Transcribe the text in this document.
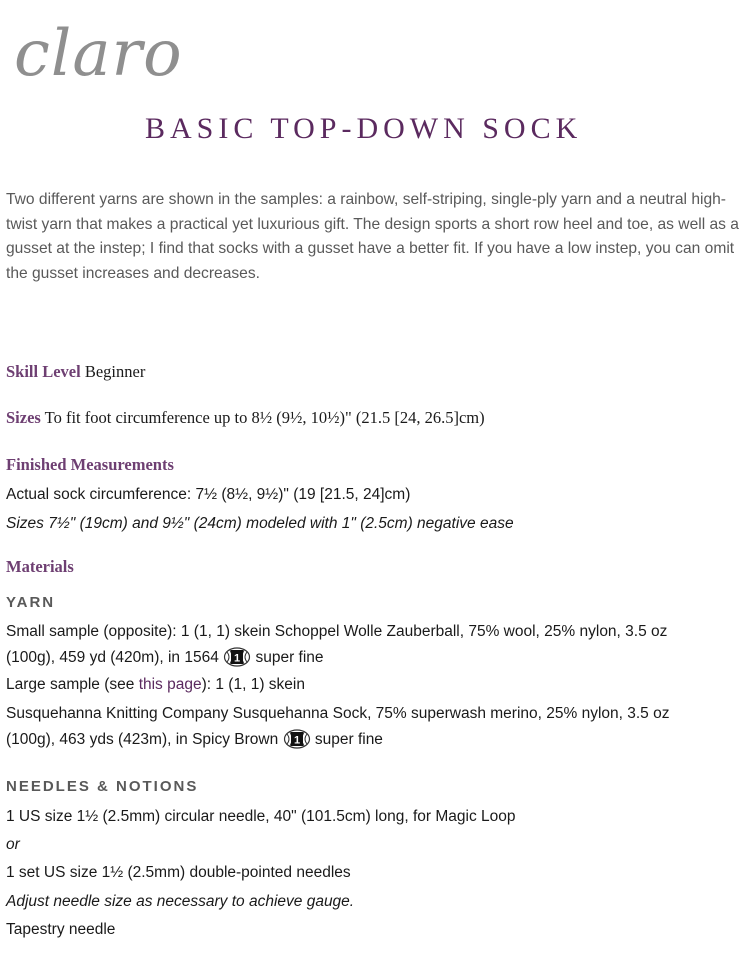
claro
BASIC TOP-DOWN SOCK

Two different yarns are shown in the samples: a rainbow, self-striping, single-ply yarn and a neutral high-twist yarn that makes a practical yet luxurious gift. The design sports a short row heel and toe, as well as a gusset at the instep; I find that socks with a gusset have a better fit. If you have a low instep, you can omit the gusset increases and decreases.

Skill Level Beginner
Sizes To fit foot circumference up to 8½ (9½, 10½)" (21.5 [24, 26.5]cm)
Finished Measurements
Actual sock circumference: 7½ (8½, 9½)" (19 [21.5, 24]cm)
Sizes 7½" (19cm) and 9½" (24cm) modeled with 1" (2.5cm) negative ease
Materials
YARN
Small sample (opposite): 1 (1, 1) skein Schoppel Wolle Zauberball, 75% wool, 25% nylon, 3.5 oz
(100g), 459 yd (420m), in 1564 1 super fine
Large sample (see this page): 1 (1, 1) skein
Susquehanna Knitting Company Susquehanna Sock, 75% superwash merino, 25% nylon, 3.5 oz
(100g), 463 yds (423m), in Spicy Brown 1 super fine
NEEDLES & NOTIONS
1 US size 1½ (2.5mm) circular needle, 40" (101.5cm) long, for Magic Loop
or
1 set US size 1½ (2.5mm) double-pointed needles
Adjust needle size as necessary to achieve gauge.
Tapestry needle
